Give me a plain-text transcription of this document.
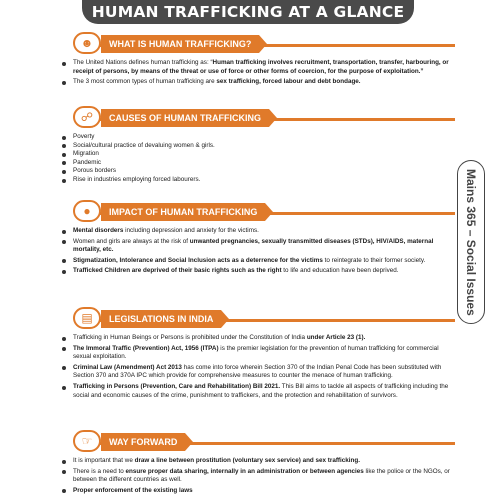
HUMAN TRAFFICKING AT A GLANCE
Mains 365 – Social Issues
☻	WHAT IS HUMAN TRAFFICKING?
The United Nations defines human trafficking as: “Human trafficking involves recruitment, transportation, transfer, harbouring, or receipt of persons, by means of the threat or use of force or other forms of coercion, for the purpose of exploitation.”
The 3 most common types of human trafficking are sex trafficking, forced labour and debt bondage.
☍	CAUSES OF HUMAN TRAFFICKING
Poverty
Social/cultural practice of devaluing women & girls.
Migration
Pandemic
Porous borders
Rise in industries employing forced labourers.
●	IMPACT OF HUMAN TRAFFICKING
Mental disorders including depression and anxiety for the victims.
Women and girls are always at the risk of unwanted pregnancies, sexually transmitted diseases (STDs), HIV/AIDS, maternal mortality, etc.
Stigmatization, Intolerance and Social Inclusion acts as a deterrence for the victims to reintegrate to their former society.
Trafficked Children are deprived of their basic rights such as the right to life and education have been deprived.
▤	LEGISLATIONS IN INDIA
Trafficking in Human Beings or Persons is prohibited under the Constitution of India under Article 23 (1).
The Immoral Traffic (Prevention) Act, 1956 (ITPA) is the premier legislation for the prevention of human trafficking for commercial sexual exploitation.
Criminal Law (Amendment) Act 2013 has come into force wherein Section 370 of the Indian Penal Code has been substituted with Section 370 and 370A IPC which provide for comprehensive measures to counter the menace of human trafficking.
Trafficking in Persons (Prevention, Care and Rehabilitation) Bill 2021. This Bill aims to tackle all aspects of trafficking including the social and economic causes of the crime, punishment to traffickers, and the protection and rehabilitation of survivors.
☞	WAY FORWARD
It is important that we draw a line between prostitution (voluntary sex service) and sex trafficking.
There is a need to ensure proper data sharing, internally in an administration or between agencies like the police or the NGOs, or between the different countries as well.
Proper enforcement of the existing laws
